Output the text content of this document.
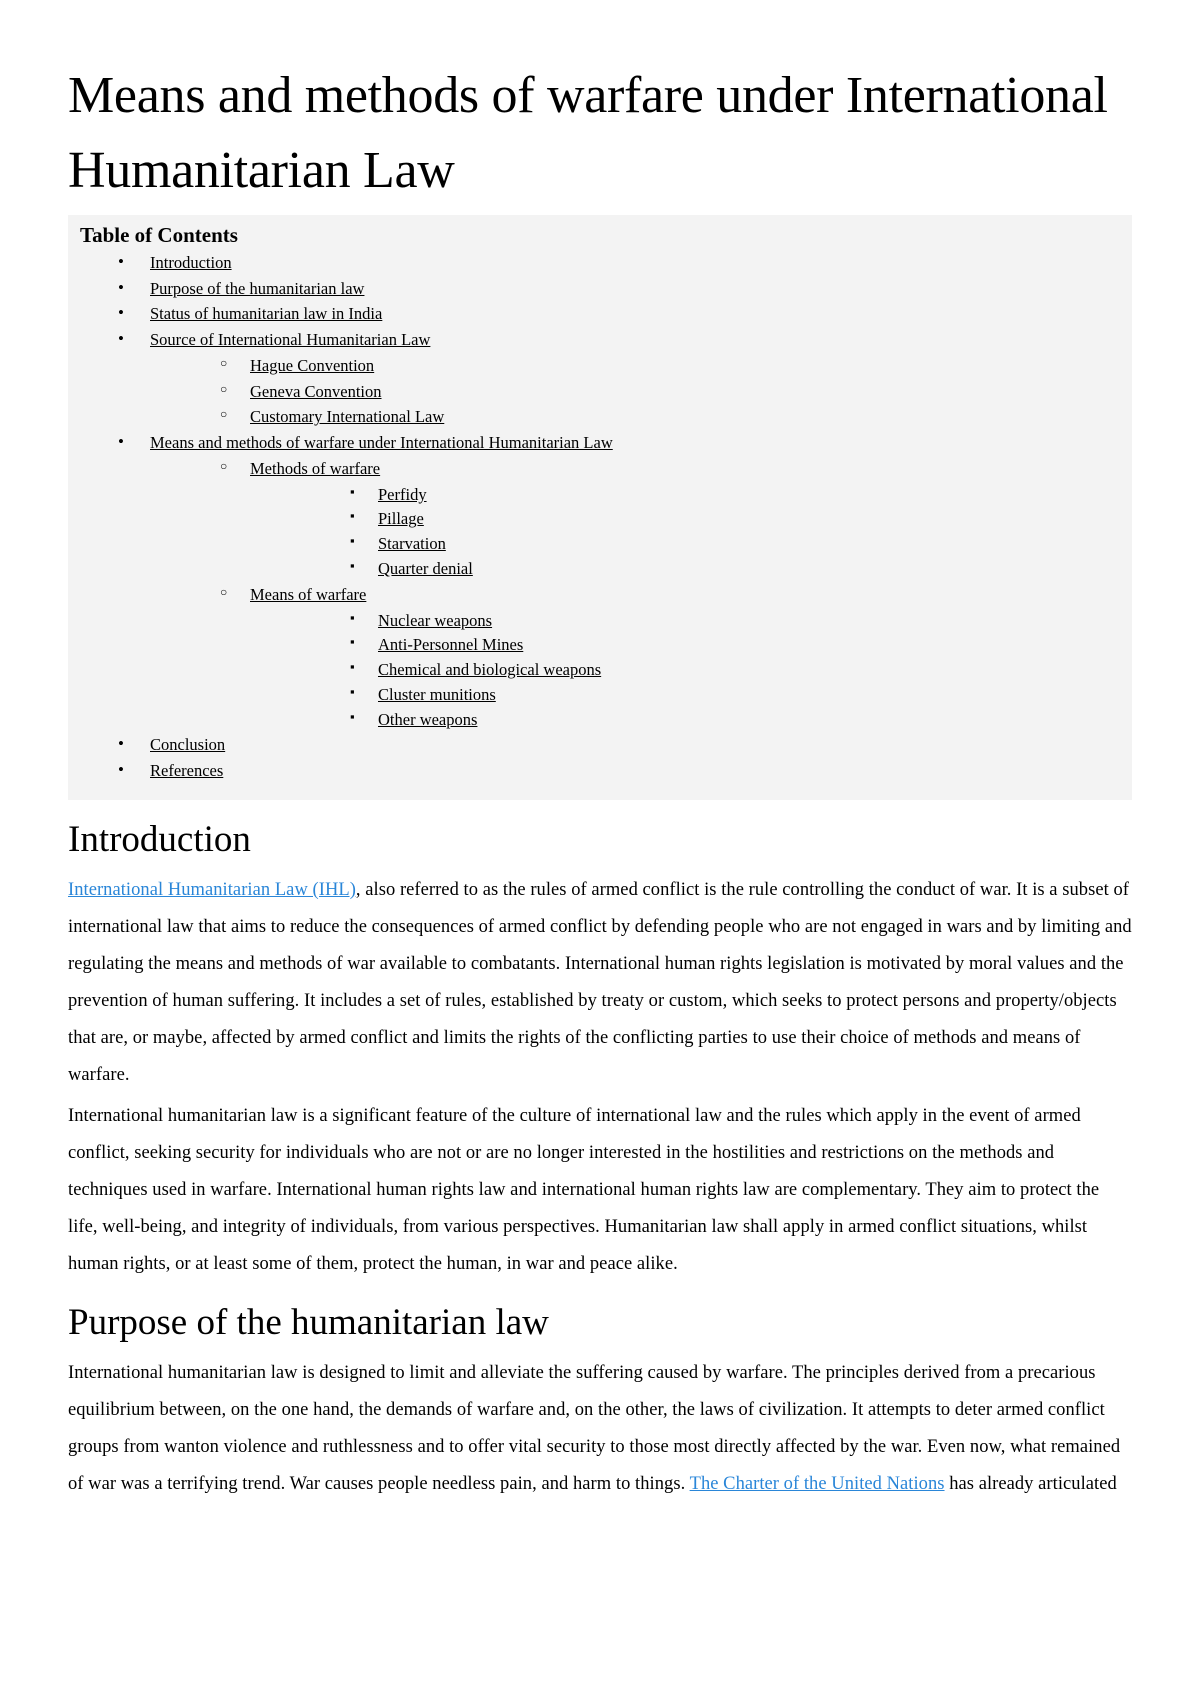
Means and methods of warfare under International Humanitarian Law
Table of Contents
• Introduction
• Purpose of the humanitarian law
• Status of humanitarian law in India
• Source of International Humanitarian Law
○ Hague Convention
○ Geneva Convention
○ Customary International Law
• Means and methods of warfare under International Humanitarian Law
○ Methods of warfare
▪ Perfidy
▪ Pillage
▪ Starvation
▪ Quarter denial
○ Means of warfare
▪ Nuclear weapons
▪ Anti-Personnel Mines
▪ Chemical and biological weapons
▪ Cluster munitions
▪ Other weapons
• Conclusion
• References
Introduction

International Humanitarian Law (IHL), also referred to as the rules of armed conflict is the rule controlling the conduct of war. It is a subset of international law that aims to reduce the consequences of armed conflict by defending people who are not engaged in wars and by limiting and regulating the means and methods of war available to combatants. International human rights legislation is motivated by moral values and the prevention of human suffering. It includes a set of rules, established by treaty or custom, which seeks to protect persons and property/objects that are, or maybe, affected by armed conflict and limits the rights of the conflicting parties to use their choice of methods and means of warfare.

International humanitarian law is a significant feature of the culture of international law and the rules which apply in the event of armed conflict, seeking security for individuals who are not or are no longer interested in the hostilities and restrictions on the methods and techniques used in warfare. International human rights law and international human rights law are complementary. They aim to protect the life, well-being, and integrity of individuals, from various perspectives. Humanitarian law shall apply in armed conflict situations, whilst human rights, or at least some of them, protect the human, in war and peace alike.

Purpose of the humanitarian law

International humanitarian law is designed to limit and alleviate the suffering caused by warfare. The principles derived from a precarious equilibrium between, on the one hand, the demands of warfare and, on the other, the laws of civilization. It attempts to deter armed conflict groups from wanton violence and ruthlessness and to offer vital security to those most directly affected by the war. Even now, what remained of war was a terrifying trend. War causes people needless pain, and harm to things. The Charter of the United Nations has already articulated
